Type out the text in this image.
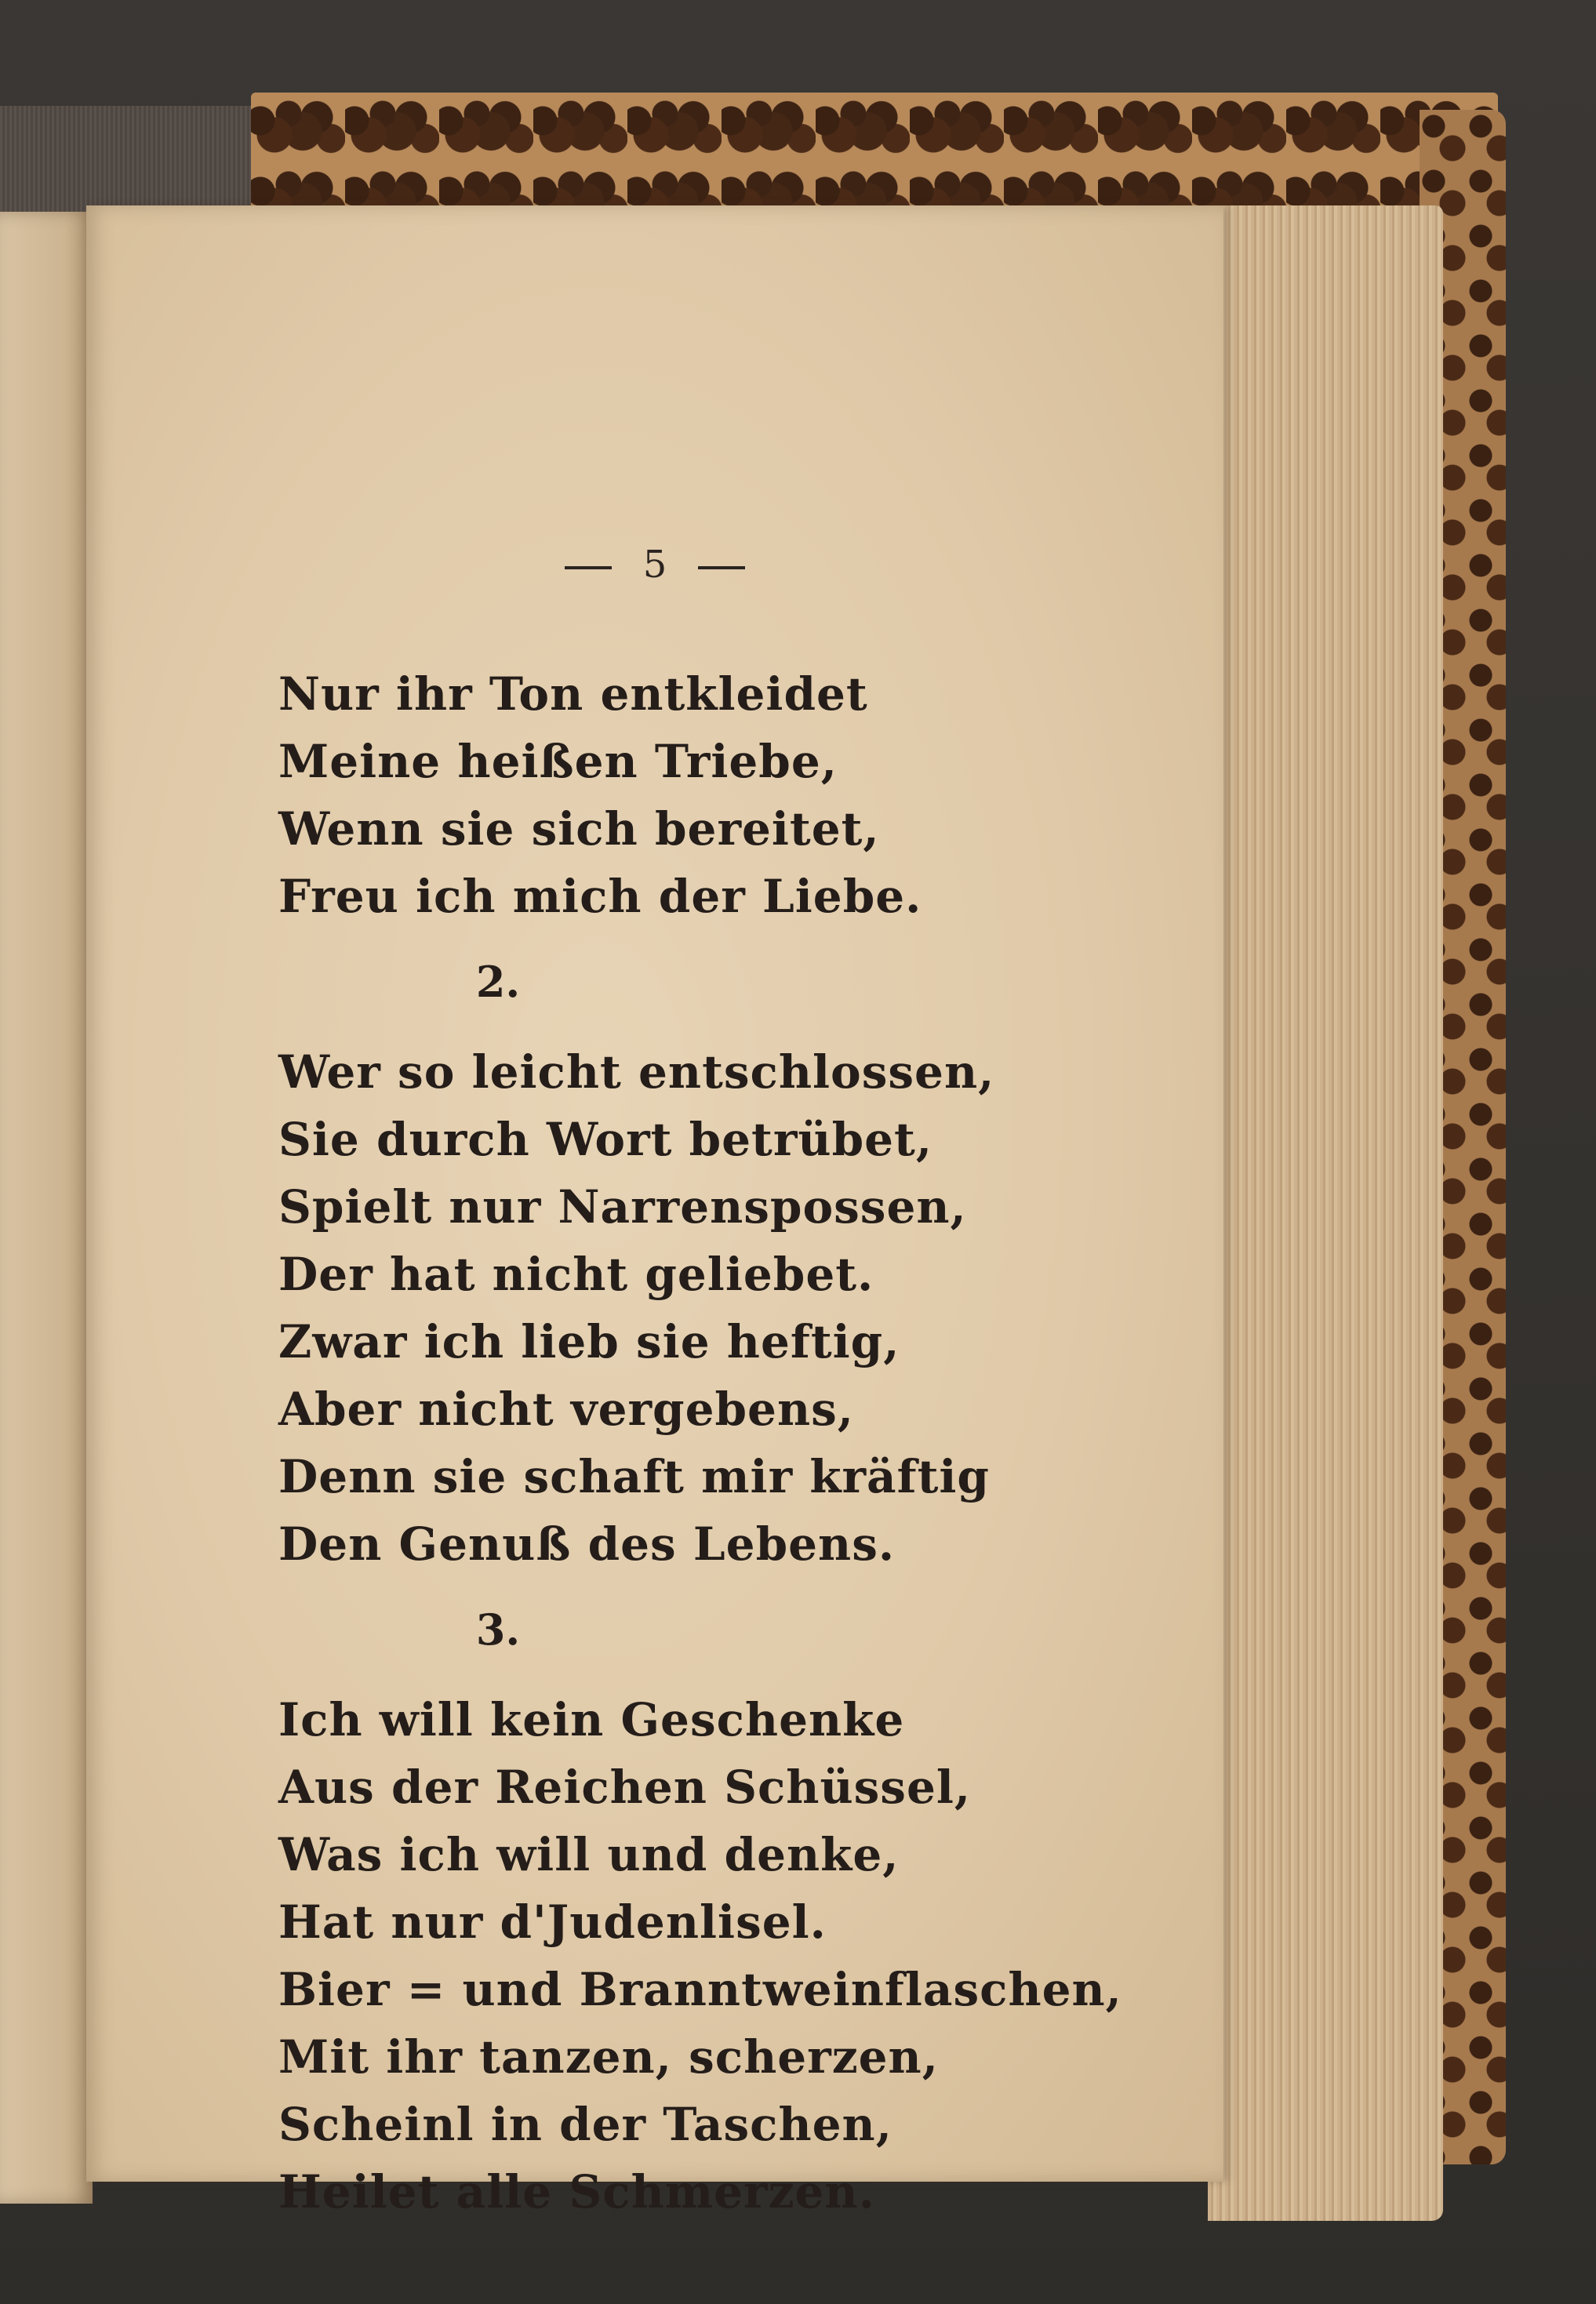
5
Nur ihr Ton entkleidet
Meine heißen Triebe,
Wenn sie sich bereitet,
Freu ich mich der Liebe.
2.
Wer so leicht entschlossen,
Sie durch Wort betrübet,
Spielt nur Narrenspossen,
Der hat nicht geliebet.
Zwar ich lieb sie heftig,
Aber nicht vergebens,
Denn sie schaft mir kräftig
Den Genuß des Lebens.
3.
Ich will kein Geschenke
Aus der Reichen Schüssel,
Was ich will und denke,
Hat nur d'Judenlisel.
Bier = und Branntweinflaschen,
Mit ihr tanzen, scherzen,
Scheinl in der Taschen,
Heilet alle Schmerzen.
